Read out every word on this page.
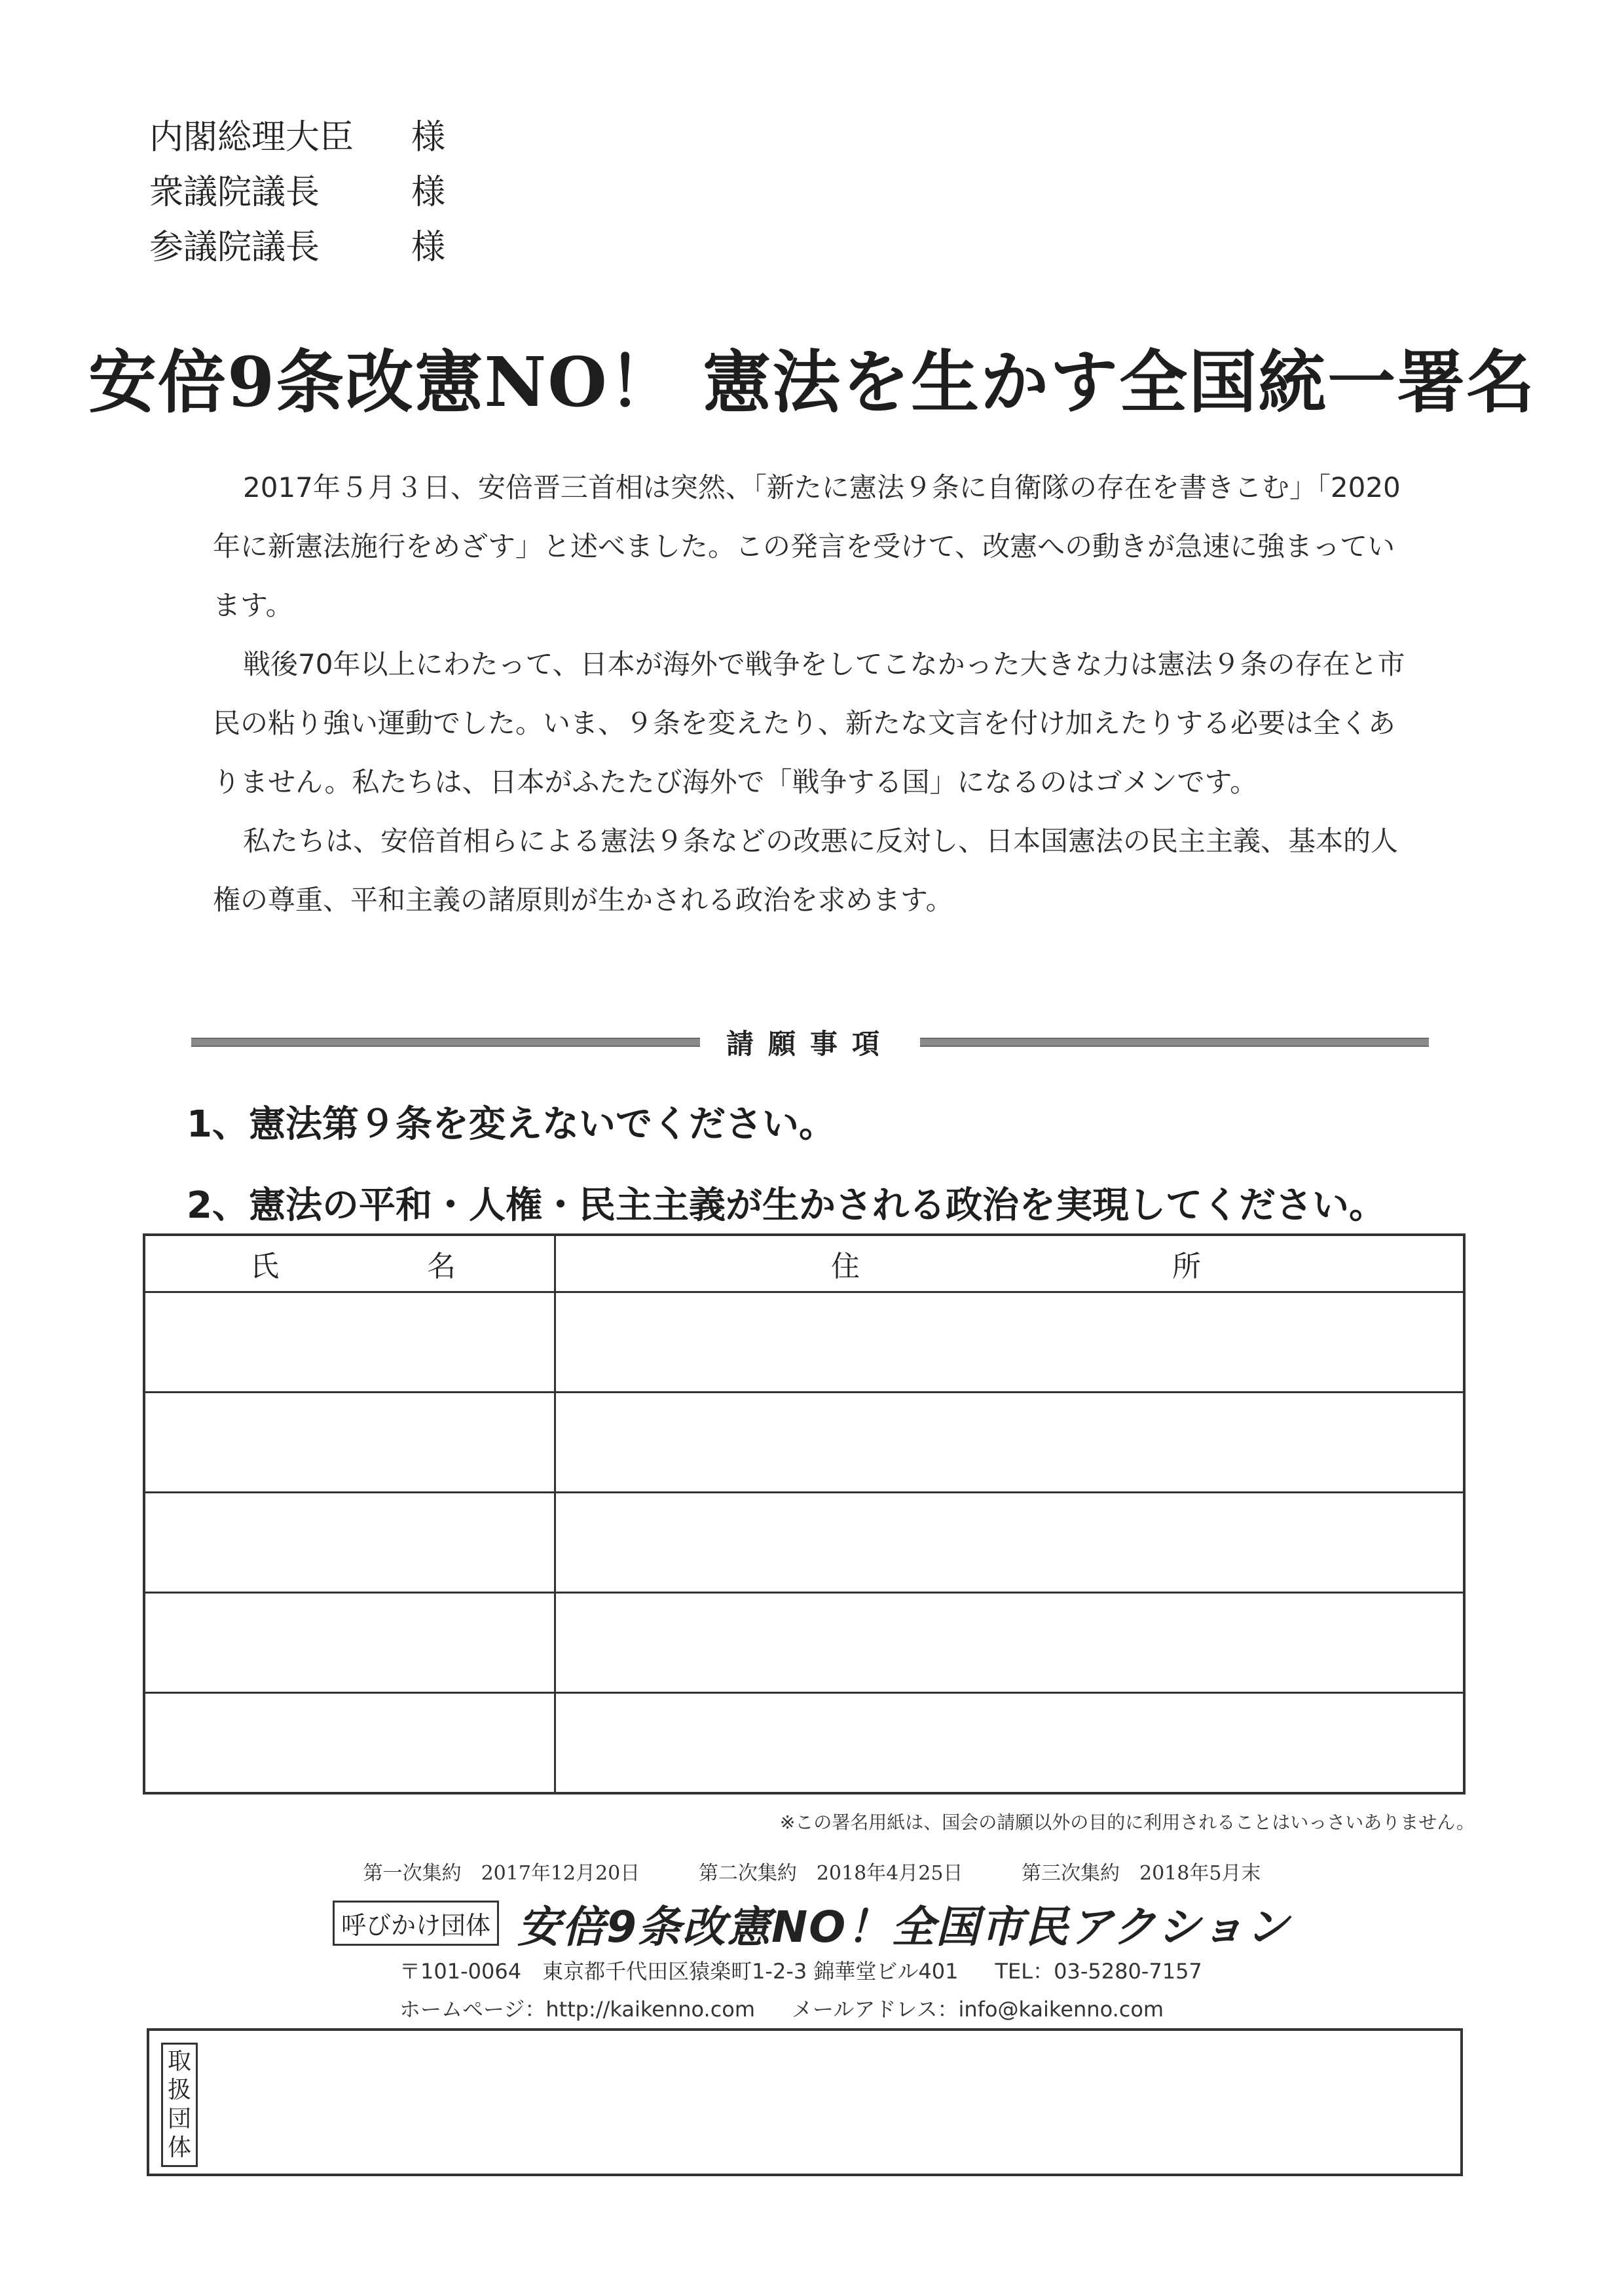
内閣総理大臣	様
衆議院議長	様
参議院議長	様
安倍9条改憲NO！ 憲法を生かす全国統一署名

2017年５月３日、安倍晋三首相は突然、「新たに憲法９条に自衛隊の存在を書きこむ」「2020年に新憲法施行をめざす」と述べました。この発言を受けて、改憲への動きが急速に強まっています。

戦後70年以上にわたって、日本が海外で戦争をしてこなかった大きな力は憲法９条の存在と市民の粘り強い運動でした。いま、９条を変えたり、新たな文言を付け加えたりする必要は全くありません。私たちは、日本がふたたび海外で「戦争する国」になるのはゴメンです。

私たちは、安倍首相らによる憲法９条などの改悪に反対し、日本国憲法の民主主義、基本的人権の尊重、平和主義の諸原則が生かされる政治を求めます。

請願事項
1、憲法第９条を変えないでください。
2、憲法の平和・人権・民主主義が生かされる政治を実現してください。
氏 名	住 所

※この署名用紙は、国会の請願以外の目的に利用されることはいっさいありません。
第一次集約　2017年12月20日	第二次集約　2018年4月25日	第三次集約　2018年5月末
呼びかけ団体 安倍9条改憲NO！全国市民アクション
〒101-0064　東京都千代田区猿楽町1-2-3 錦華堂ビル401 TEL：03-5280-7157
ホームページ：http://kaikenno.com メールアドレス：info@kaikenno.com
取扱団体
